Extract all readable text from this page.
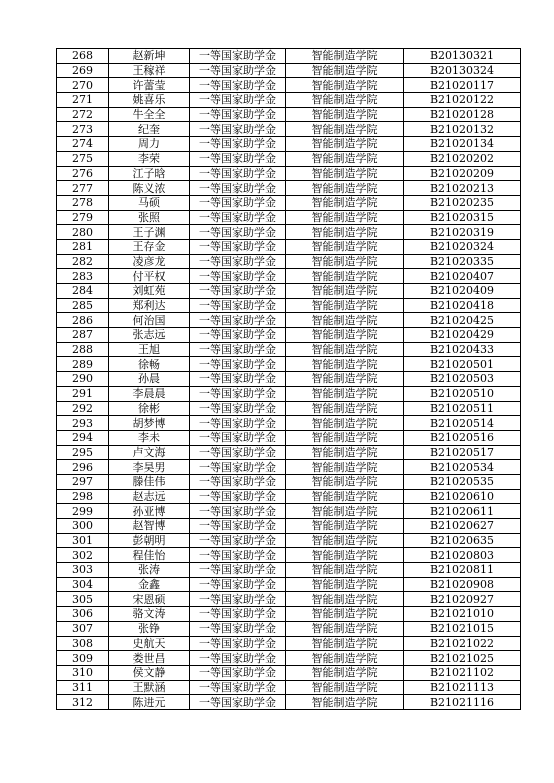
268	赵新坤	一等国家助学金	智能制造学院	B20130321
269	王稼祥	一等国家助学金	智能制造学院	B20130324
270	许蕾莹	一等国家助学金	智能制造学院	B21020117
271	姚喜乐	一等国家助学金	智能制造学院	B21020122
272	牛全全	一等国家助学金	智能制造学院	B21020128
273	纪奎	一等国家助学金	智能制造学院	B21020132
274	周力	一等国家助学金	智能制造学院	B21020134
275	李荣	一等国家助学金	智能制造学院	B21020202
276	江子晗	一等国家助学金	智能制造学院	B21020209
277	陈义浓	一等国家助学金	智能制造学院	B21020213
278	马硕	一等国家助学金	智能制造学院	B21020235
279	张照	一等国家助学金	智能制造学院	B21020315
280	王子渊	一等国家助学金	智能制造学院	B21020319
281	王存金	一等国家助学金	智能制造学院	B21020324
282	凌彦龙	一等国家助学金	智能制造学院	B21020335
283	付平权	一等国家助学金	智能制造学院	B21020407
284	刘虹苑	一等国家助学金	智能制造学院	B21020409
285	郑利达	一等国家助学金	智能制造学院	B21020418
286	何治国	一等国家助学金	智能制造学院	B21020425
287	张志远	一等国家助学金	智能制造学院	B21020429
288	王旭	一等国家助学金	智能制造学院	B21020433
289	徐畅	一等国家助学金	智能制造学院	B21020501
290	孙晨	一等国家助学金	智能制造学院	B21020503
291	李晨晨	一等国家助学金	智能制造学院	B21020510
292	徐彬	一等国家助学金	智能制造学院	B21020511
293	胡梦博	一等国家助学金	智能制造学院	B21020514
294	李未	一等国家助学金	智能制造学院	B21020516
295	卢文海	一等国家助学金	智能制造学院	B21020517
296	李昊男	一等国家助学金	智能制造学院	B21020534
297	滕佳伟	一等国家助学金	智能制造学院	B21020535
298	赵志远	一等国家助学金	智能制造学院	B21020610
299	孙亚博	一等国家助学金	智能制造学院	B21020611
300	赵智博	一等国家助学金	智能制造学院	B21020627
301	彭朝明	一等国家助学金	智能制造学院	B21020635
302	程佳怡	一等国家助学金	智能制造学院	B21020803
303	张涛	一等国家助学金	智能制造学院	B21020811
304	金鑫	一等国家助学金	智能制造学院	B21020908
305	宋恩硕	一等国家助学金	智能制造学院	B21020927
306	骆文涛	一等国家助学金	智能制造学院	B21021010
307	张铮	一等国家助学金	智能制造学院	B21021015
308	史航天	一等国家助学金	智能制造学院	B21021022
309	娄世昌	一等国家助学金	智能制造学院	B21021025
310	侯文静	一等国家助学金	智能制造学院	B21021102
311	王默涵	一等国家助学金	智能制造学院	B21021113
312	陈进元	一等国家助学金	智能制造学院	B21021116
